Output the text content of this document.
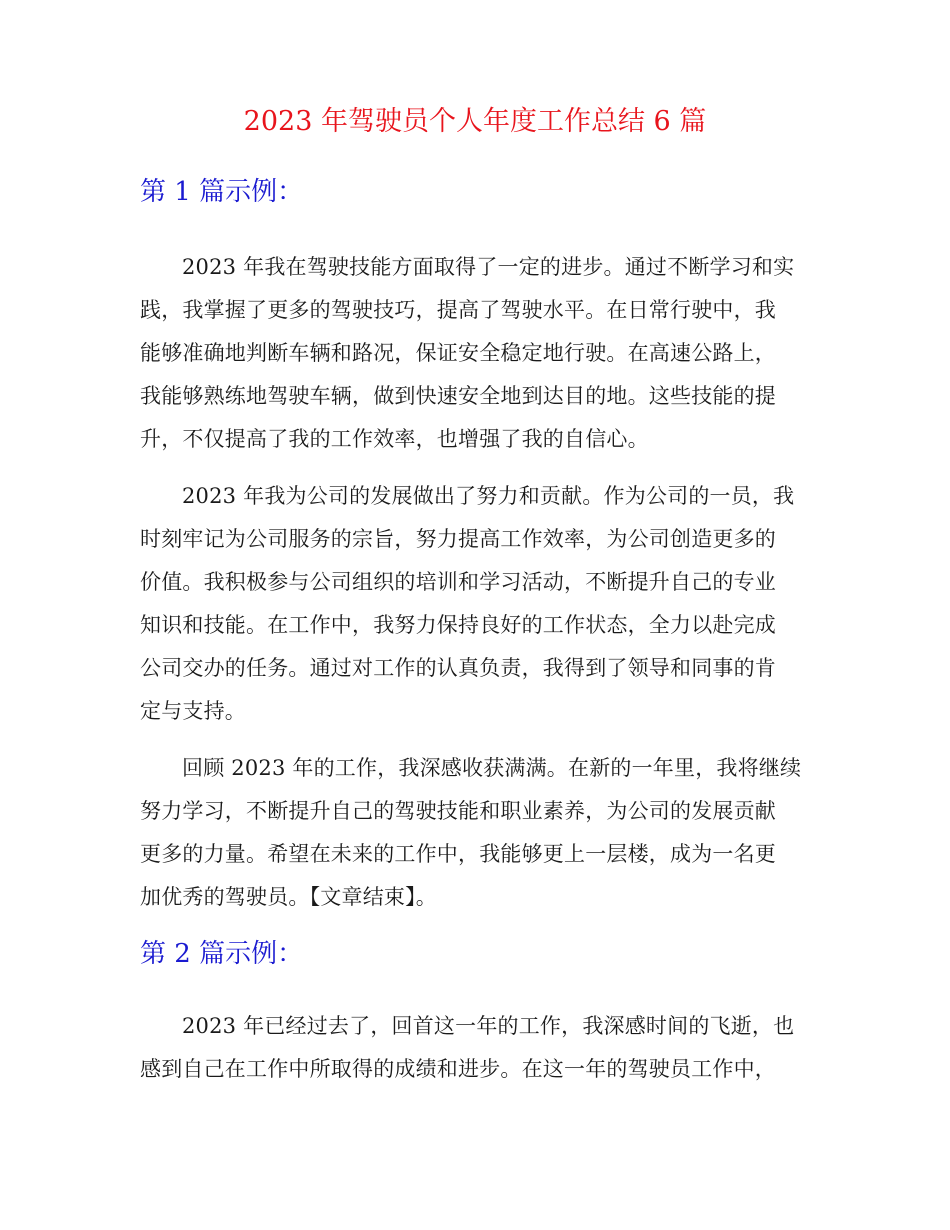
2023 年驾驶员个人年度工作总结 6 篇
第 1 篇示例：
2023 年我在驾驶技能方面取得了一定的进步。通过不断学习和实
践，我掌握了更多的驾驶技巧，提高了驾驶水平。在日常行驶中，我
能够准确地判断车辆和路况，保证安全稳定地行驶。在高速公路上，
我能够熟练地驾驶车辆，做到快速安全地到达目的地。这些技能的提
升，不仅提高了我的工作效率，也增强了我的自信心。
2023 年我为公司的发展做出了努力和贡献。作为公司的一员，我
时刻牢记为公司服务的宗旨，努力提高工作效率，为公司创造更多的
价值。我积极参与公司组织的培训和学习活动，不断提升自己的专业
知识和技能。在工作中，我努力保持良好的工作状态，全力以赴完成
公司交办的任务。通过对工作的认真负责，我得到了领导和同事的肯
定与支持。
回顾 2023 年的工作，我深感收获满满。在新的一年里，我将继续
努力学习，不断提升自己的驾驶技能和职业素养，为公司的发展贡献
更多的力量。希望在未来的工作中，我能够更上一层楼，成为一名更
加优秀的驾驶员。【文章结束】。
第 2 篇示例：
2023 年已经过去了，回首这一年的工作，我深感时间的飞逝，也
感到自己在工作中所取得的成绩和进步。在这一年的驾驶员工作中，
